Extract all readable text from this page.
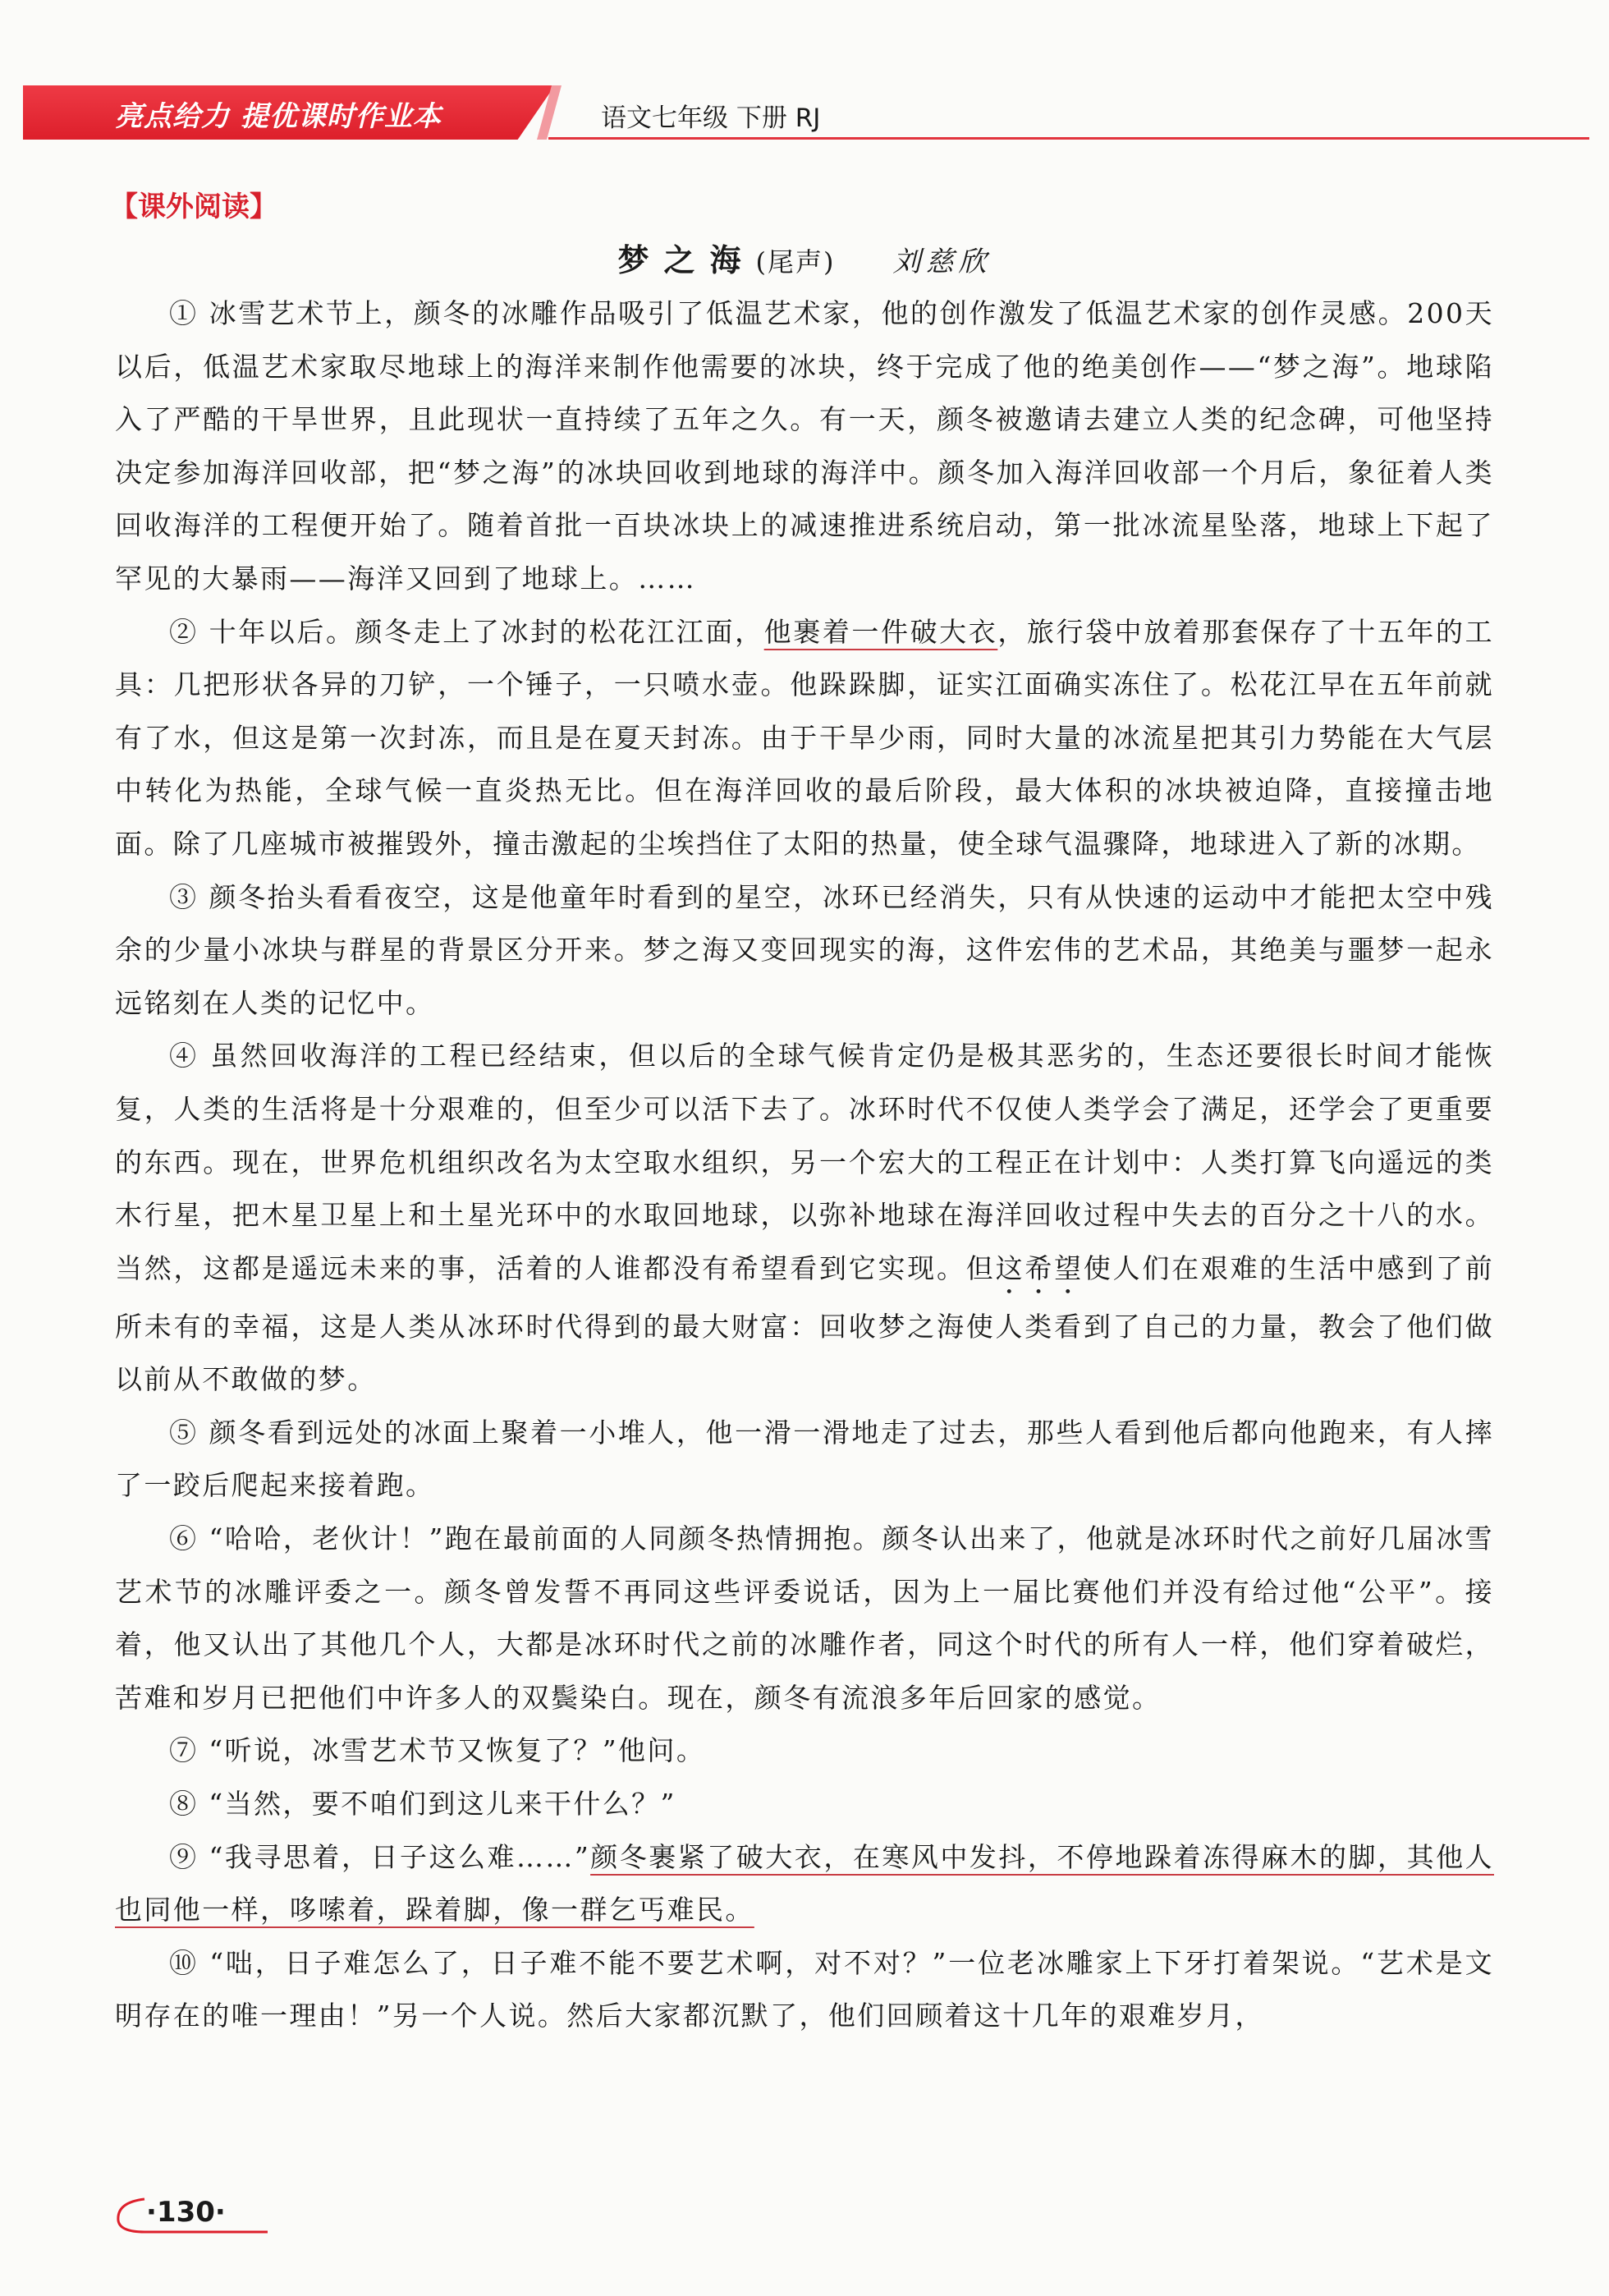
亮点给力 提优课时作业本	语文七年级 下册 RJ
【课外阅读】
梦之海(尾声) 刘慈欣

① 冰雪艺术节上，颜冬的冰雕作品吸引了低温艺术家，他的创作激发了低温艺术家的创作灵感。200天以后，低温艺术家取尽地球上的海洋来制作他需要的冰块，终于完成了他的绝美创作——“梦之海”。地球陷入了严酷的干旱世界，且此现状一直持续了五年之久。有一天，颜冬被邀请去建立人类的纪念碑，可他坚持决定参加海洋回收部，把“梦之海”的冰块回收到地球的海洋中。颜冬加入海洋回收部一个月后，象征着人类回收海洋的工程便开始了。随着首批一百块冰块上的减速推进系统启动，第一批冰流星坠落，地球上下起了罕见的大暴雨——海洋又回到了地球上。……

② 十年以后。颜冬走上了冰封的松花江江面，他裹着一件破大衣，旅行袋中放着那套保存了十五年的工具：几把形状各异的刀铲，一个锤子，一只喷水壶。他跺跺脚，证实江面确实冻住了。松花江早在五年前就有了水，但这是第一次封冻，而且是在夏天封冻。由于干旱少雨，同时大量的冰流星把其引力势能在大气层中转化为热能，全球气候一直炎热无比。但在海洋回收的最后阶段，最大体积的冰块被迫降，直接撞击地面。除了几座城市被摧毁外，撞击激起的尘埃挡住了太阳的热量，使全球气温骤降，地球进入了新的冰期。

③ 颜冬抬头看看夜空，这是他童年时看到的星空，冰环已经消失，只有从快速的运动中才能把太空中残余的少量小冰块与群星的背景区分开来。梦之海又变回现实的海，这件宏伟的艺术品，其绝美与噩梦一起永远铭刻在人类的记忆中。

④ 虽然回收海洋的工程已经结束，但以后的全球气候肯定仍是极其恶劣的，生态还要很长时间才能恢复，人类的生活将是十分艰难的，但至少可以活下去了。冰环时代不仅使人类学会了满足，还学会了更重要的东西。现在，世界危机组织改名为太空取水组织，另一个宏大的工程正在计划中：人类打算飞向遥远的类木行星，把木星卫星上和土星光环中的水取回地球，以弥补地球在海洋回收过程中失去的百分之十八的水。当然，这都是遥远未来的事，活着的人谁都没有希望看到它实现。但这希望使人们在艰难的生活中感到了前所未有的幸福，这是人类从冰环时代得到的最大财富：回收梦之海使人类看到了自己的力量，教会了他们做以前从不敢做的梦。

⑤ 颜冬看到远处的冰面上聚着一小堆人，他一滑一滑地走了过去，那些人看到他后都向他跑来，有人摔了一跤后爬起来接着跑。

⑥ “哈哈，老伙计！”跑在最前面的人同颜冬热情拥抱。颜冬认出来了，他就是冰环时代之前好几届冰雪艺术节的冰雕评委之一。颜冬曾发誓不再同这些评委说话，因为上一届比赛他们并没有给过他“公平”。接着，他又认出了其他几个人，大都是冰环时代之前的冰雕作者，同这个时代的所有人一样，他们穿着破烂，苦难和岁月已把他们中许多人的双鬓染白。现在，颜冬有流浪多年后回家的感觉。

⑦ “听说，冰雪艺术节又恢复了？”他问。

⑧ “当然，要不咱们到这儿来干什么？”

⑨ “我寻思着，日子这么难……”颜冬裹紧了破大衣，在寒风中发抖，不停地跺着冻得麻木的脚，其他人也同他一样，哆嗦着，跺着脚，像一群乞丐难民。

⑩ “咄，日子难怎么了，日子难不能不要艺术啊，对不对？”一位老冰雕家上下牙打着架说。“艺术是文明存在的唯一理由！”另一个人说。然后大家都沉默了，他们回顾着这十几年的艰难岁月，

·130·
